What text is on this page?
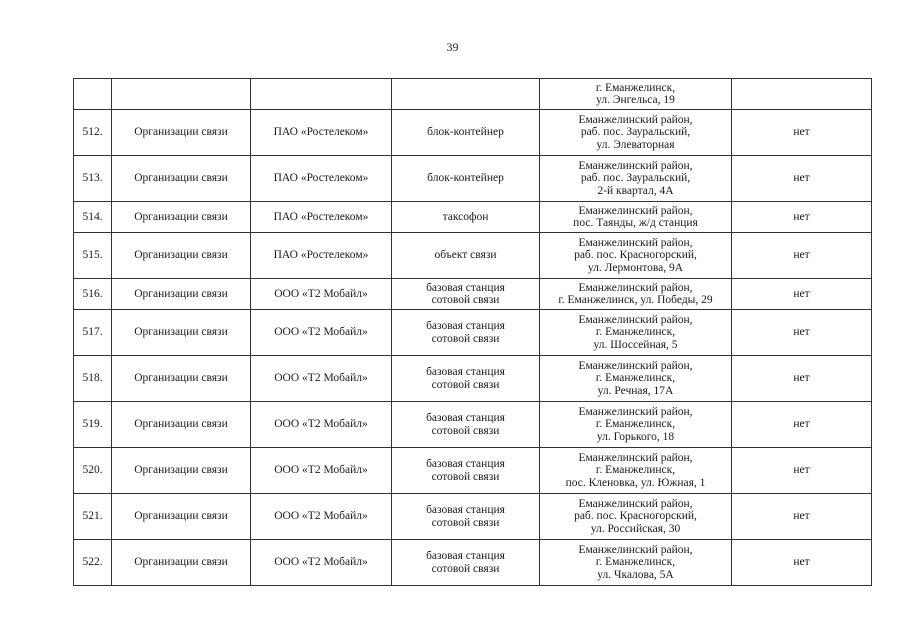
39

				г. Еманжелинск,
ул. Энгельса, 19	

512.	Организации связи	ПАО «Ростелеком»	блок-контейнер	Еманжелинский район,
раб. пос. Зауральский,
ул. Элеваторная	нет
513.	Организации связи	ПАО «Ростелеком»	блок-контейнер	Еманжелинский район,
раб. пос. Зауральский,
2-й квартал, 4А	нет
514.	Организации связи	ПАО «Ростелеком»	таксофон	Еманжелинский район,
пос. Таянды, ж/д станция	нет
515.	Организации связи	ПАО «Ростелеком»	объект связи	Еманжелинский район,
раб. пос. Красногорский,
ул. Лермонтова, 9А	нет
516.	Организации связи	ООО «Т2 Мобайл»	базовая станция
сотовой связи	Еманжелинский район,
г. Еманжелинск, ул. Победы, 29	нет
517.	Организации связи	ООО «Т2 Мобайл»	базовая станция
сотовой связи	Еманжелинский район,
г. Еманжелинск,
ул. Шоссейная, 5	нет
518.	Организации связи	ООО «Т2 Мобайл»	базовая станция
сотовой связи	Еманжелинский район,
г. Еманжелинск,
ул. Речная, 17А	нет
519.	Организации связи	ООО «Т2 Мобайл»	базовая станция
сотовой связи	Еманжелинский район,
г. Еманжелинск,
ул. Горького, 18	нет
520.	Организации связи	ООО «Т2 Мобайл»	базовая станция
сотовой связи	Еманжелинский район,
г. Еманжелинск,
пос. Кленовка, ул. Южная, 1	нет
521.	Организации связи	ООО «Т2 Мобайл»	базовая станция
сотовой связи	Еманжелинский район,
раб. пос. Красногорский,
ул. Российская, 30	нет
522.	Организации связи	ООО «Т2 Мобайл»	базовая станция
сотовой связи	Еманжелинский район,
г. Еманжелинск,
ул. Чкалова, 5А	нет
